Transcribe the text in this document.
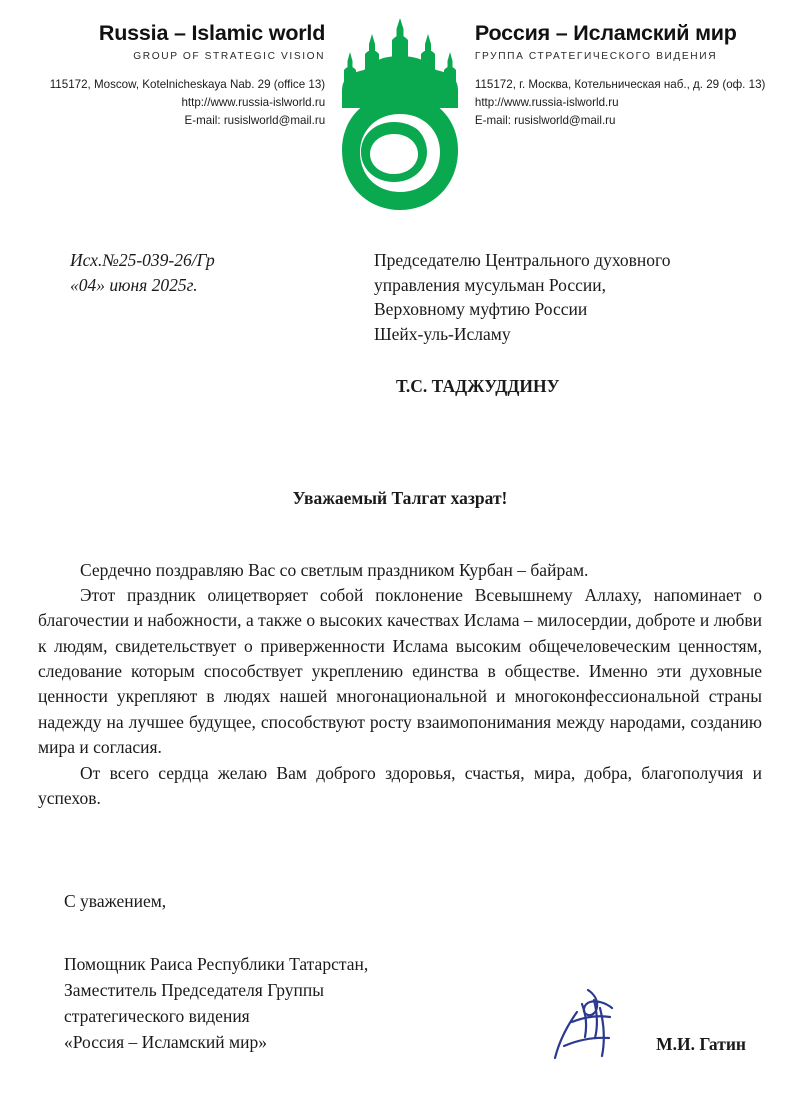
Russia – Islamic world
GROUP OF STRATEGIC VISION
115172, Moscow, Kotelnicheskaya Nab. 29 (office 13)
http://www.russia-islworld.ru
E-mail: rusislworld@mail.ru
Россия – Исламский мир
ГРУППА СТРАТЕГИЧЕСКОГО ВИДЕНИЯ
115172, г. Москва, Котельническая наб., д. 29 (оф. 13)
http://www.russia-islworld.ru
E-mail: rusislworld@mail.ru
Исх.№25-039-26/Гр
«04» июня 2025г.
Председателю Центрального духовного
управления мусульман России,
Верховному муфтию России
Шейх-уль-Исламу
Т.С. ТАДЖУДДИНУ
Уважаемый Талгат хазрат!

Сердечно поздравляю Вас со светлым праздником Курбан – байрам.

Этот праздник олицетворяет собой поклонение Всевышнему Аллаху, напоминает о благочестии и набожности, а также о высоких качествах Ислама – милосердии, доброте и любви к людям, свидетельствует о приверженности Ислама высоким общечеловеческим ценностям, следование которым способствует укреплению единства в обществе. Именно эти духовные ценности укрепляют в людях нашей многонациональной и многоконфессиональной страны надежду на лучшее будущее, способствуют росту взаимопонимания между народами, созданию мира и согласия.

От всего сердца желаю Вам доброго здоровья, счастья, мира, добра, благополучия и успехов.

С уважением,
Помощник Раиса Республики Татарстан,
Заместитель Председателя Группы
стратегического видения
«Россия – Исламский мир»	М.И. Гатин
